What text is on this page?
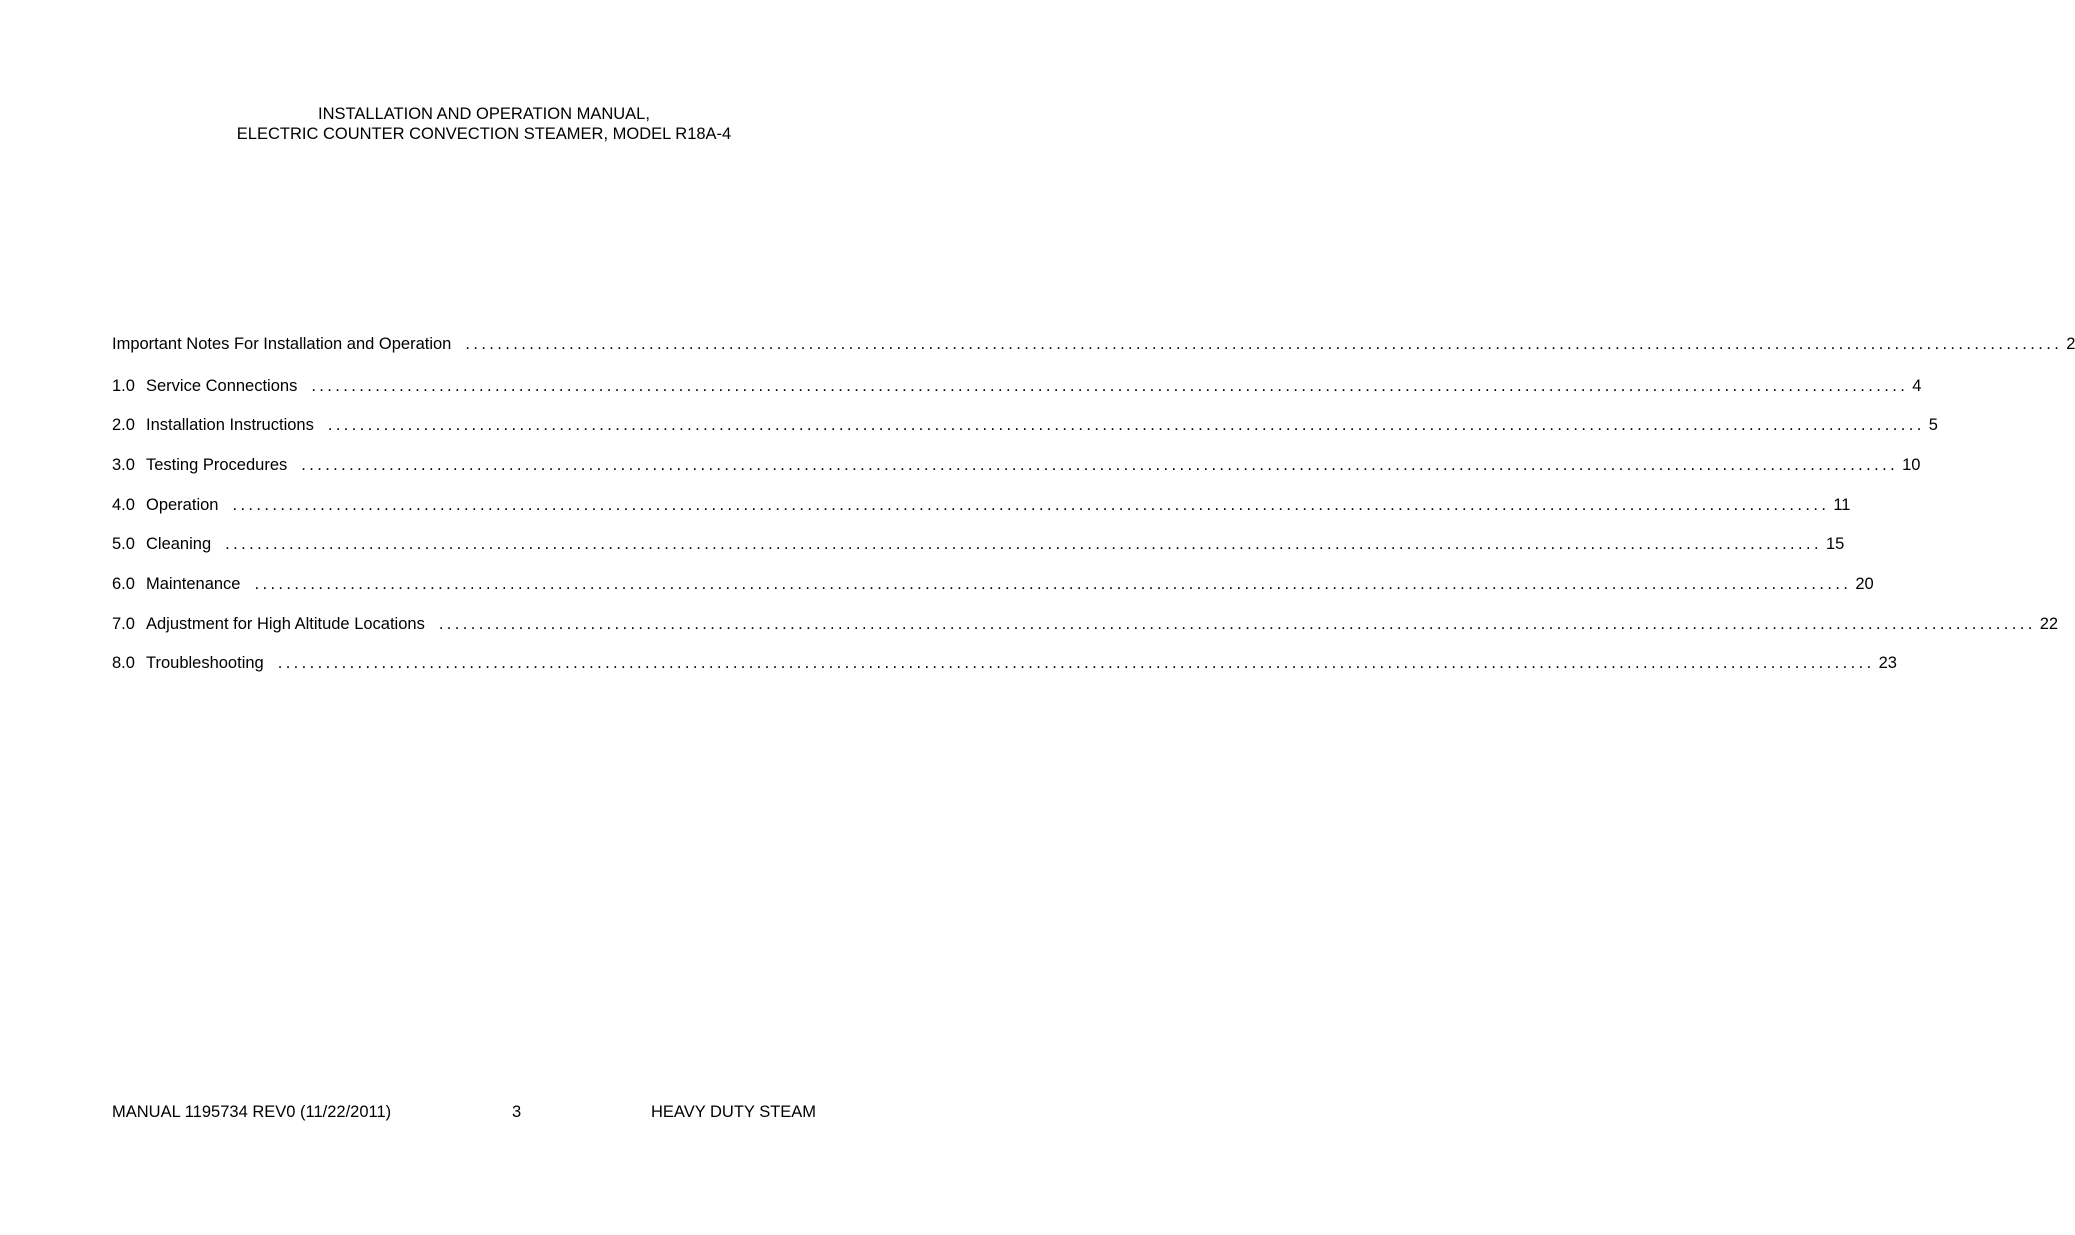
INSTALLATION AND OPERATION MANUAL,
ELECTRIC COUNTER CONVECTION STEAMER, MODEL R18A-4
Important Notes For Installation and Operation ........................................................................................................................................................................................................ 2
1.0 Service Connections ........................................................................................................................................................................................................ 4
2.0 Installation Instructions ........................................................................................................................................................................................................ 5
3.0 Testing Procedures ........................................................................................................................................................................................................ 10
4.0 Operation ........................................................................................................................................................................................................ 11
5.0 Cleaning ........................................................................................................................................................................................................ 15
6.0 Maintenance ........................................................................................................................................................................................................ 20
7.0 Adjustment for High Altitude Locations ........................................................................................................................................................................................................ 22
8.0 Troubleshooting ........................................................................................................................................................................................................ 23
MANUAL 1195734 REV0 (11/22/2011)	3	HEAVY DUTY STEAM
